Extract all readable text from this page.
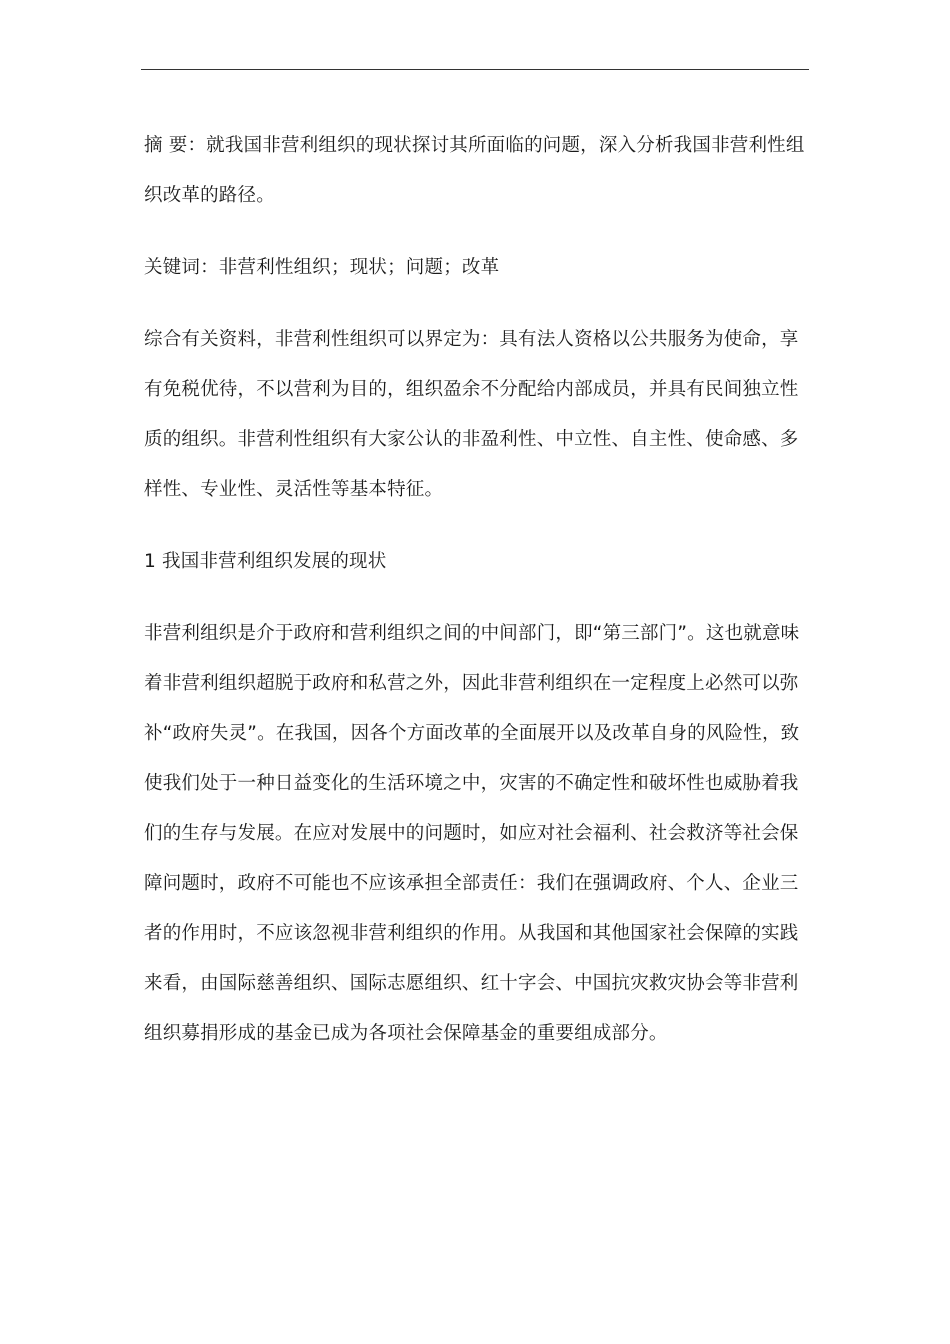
摘 要：就我国非营利组织的现状探讨其所面临的问题，深入分析我国非营利性组织改革的路径。

关键词：非营利性组织；现状；问题；改革

综合有关资料，非营利性组织可以界定为：具有法人资格以公共服务为使命，享有免税优待，不以营利为目的，组织盈余不分配给内部成员，并具有民间独立性质的组织。非营利性组织有大家公认的非盈利性、中立性、自主性、使命感、多样性、专业性、灵活性等基本特征。

1 我国非营利组织发展的现状

非营利组织是介于政府和营利组织之间的中间部门，即“第三部门”。这也就意味着非营利组织超脱于政府和私营之外，因此非营利组织在一定程度上必然可以弥补“政府失灵”。在我国，因各个方面改革的全面展开以及改革自身的风险性，致使我们处于一种日益变化的生活环境之中，灾害的不确定性和破坏性也威胁着我们的生存与发展。在应对发展中的问题时，如应对社会福利、社会救济等社会保障问题时，政府不可能也不应该承担全部责任：我们在强调政府、个人、企业三者的作用时，不应该忽视非营利组织的作用。从我国和其他国家社会保障的实践来看，由国际慈善组织、国际志愿组织、红十字会、中国抗灾救灾协会等非营利组织募捐形成的基金已成为各项社会保障基金的重要组成部分。
